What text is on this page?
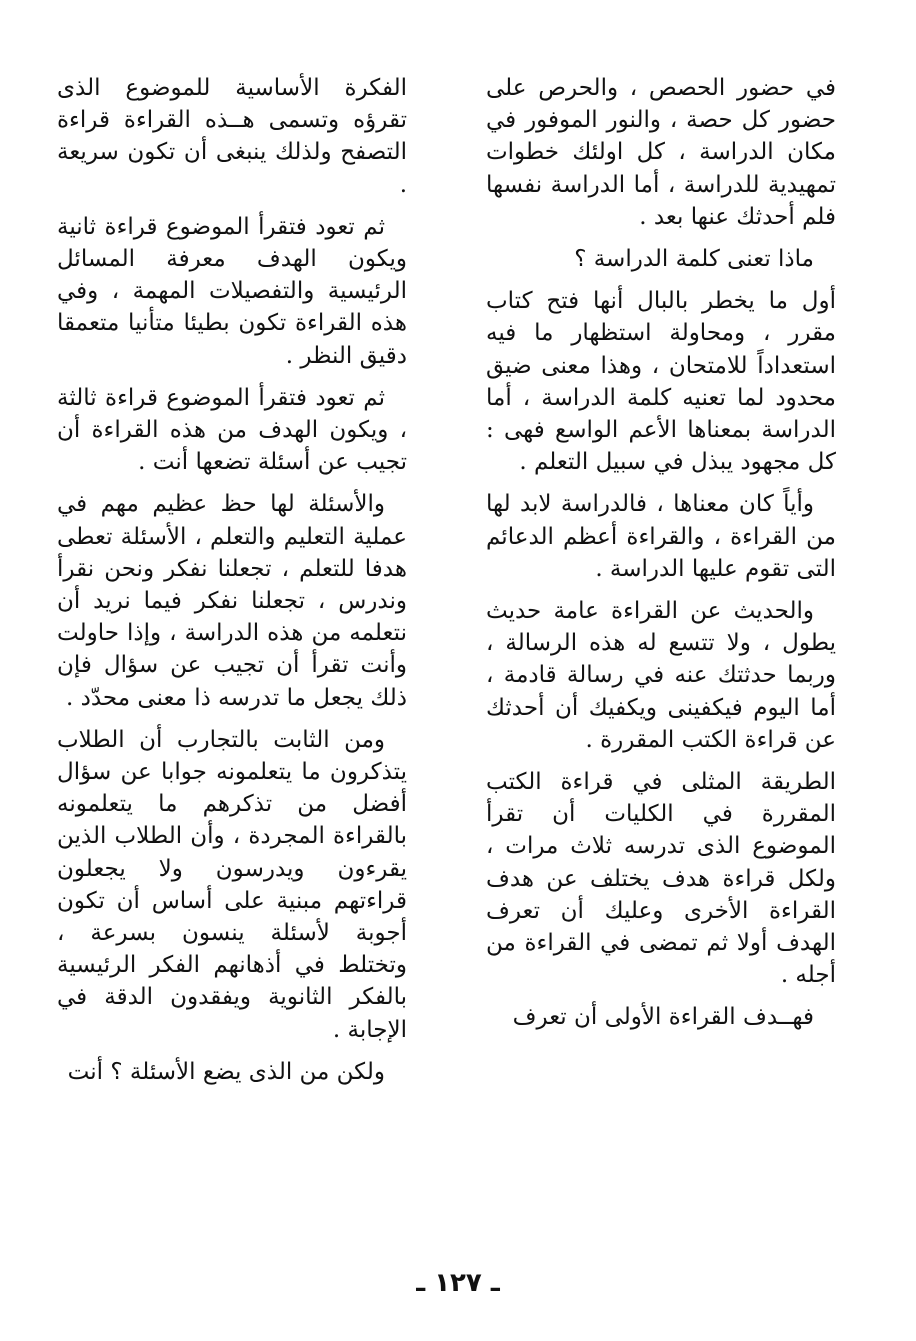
في حضور الحصص ، والحرص على حضور كل حصة ، والنور الموفور في مكان الدراسة ، كل اولئك خطوات تمهيدية للدراسة ، أما الدراسة نفسها فلم أحدثك عنها بعد .

ماذا تعنى كلمة الدراسة ؟

أول ما يخطر بالبال أنها فتح كتاب مقرر ، ومحاولة استظهار ما فيه استعداداً للامتحان ، وهذا معنى ضيق محدود لما تعنيه كلمة الدراسة ، أما الدراسة بمعناها الأعم الواسع فهى : كل مجهود يبذل في سبيل التعلم .

وأياً كان معناها ، فالدراسة لابد لها من القراءة ، والقراءة أعظم الدعائم التى تقوم عليها الدراسة .

والحديث عن القراءة عامة حديث يطول ، ولا تتسع له هذه الرسالة ، وربما حدثتك عنه في رسالة قادمة ، أما اليوم فيكفينى ويكفيك أن أحدثك عن قراءة الكتب المقررة .

الطريقة المثلى في قراءة الكتب المقررة في الكليات أن تقرأ الموضوع الذى تدرسه ثلاث مرات ، ولكل قراءة هدف يختلف عن هدف القراءة الأخرى وعليك أن تعرف الهدف أولا ثم تمضى في القراءة من أجله .

فهــدف القراءة الأولى أن تعرف

الفكرة الأساسية للموضوع الذى تقرؤه وتسمى هــذه القراءة قراءة التصفح ولذلك ينبغى أن تكون سريعة .

ثم تعود فتقرأ الموضوع قراءة ثانية ويكون الهدف معرفة المسائل الرئيسية والتفصيلات المهمة ، وفي هذه القراءة تكون بطيئا متأنيا متعمقا دقيق النظر .

ثم تعود فتقرأ الموضوع قراءة ثالثة ، ويكون الهدف من هذه القراءة أن تجيب عن أسئلة تضعها أنت .

والأسئلة لها حظ عظيم مهم في عملية التعليم والتعلم ، الأسئلة تعطى هدفا للتعلم ، تجعلنا نفكر ونحن نقرأ وندرس ، تجعلنا نفكر فيما نريد أن نتعلمه من هذه الدراسة ، وإذا حاولت وأنت تقرأ أن تجيب عن سؤال فإن ذلك يجعل ما تدرسه ذا معنى محدّد .

ومن الثابت بالتجارب أن الطلاب يتذكرون ما يتعلمونه جوابا عن سؤال أفضل من تذكرهم ما يتعلمونه بالقراءة المجردة ، وأن الطلاب الذين يقرءون ويدرسون ولا يجعلون قراءتهم مبنية على أساس أن تكون أجوبة لأسئلة ينسون بسرعة ، وتختلط في أذهانهم الفكر الرئيسية بالفكر الثانوية ويفقدون الدقة في الإجابة .

ولكن من الذى يضع الأسئلة ؟ أنت

ـ ١٢٧ ـ
